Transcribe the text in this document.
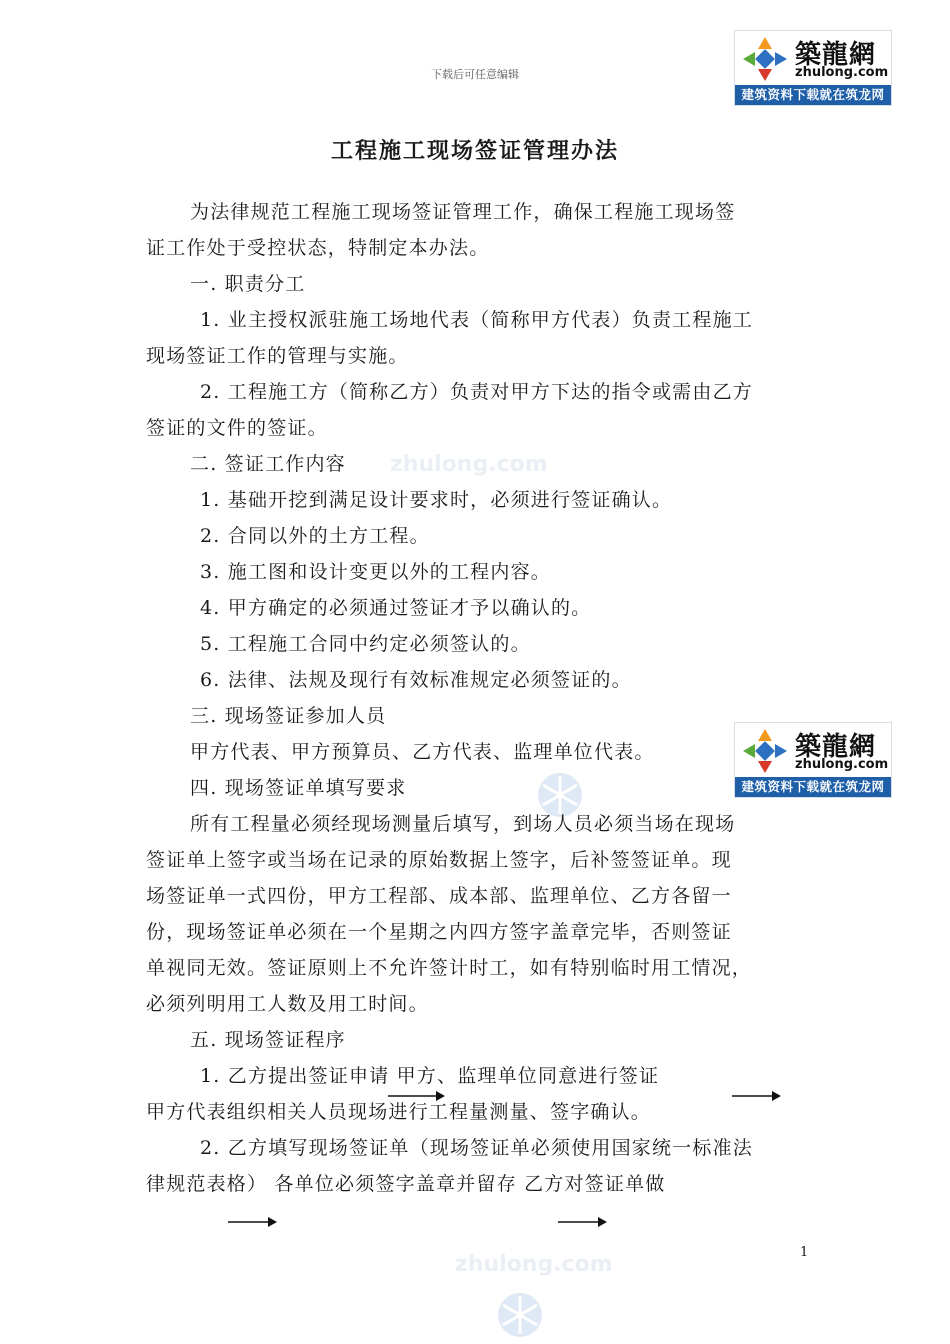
zhulong.com
zhulong.com
下载后可任意编辑
築龍網
zhulong.com
建筑资料下载就在筑龙网
築龍網
zhulong.com
建筑资料下载就在筑龙网
工程施工现场签证管理办法
为法律规范工程施工现场签证管理工作，确保工程施工现场签
证工作处于受控状态，特制定本办法。
一. 职责分工
1. 业主授权派驻施工场地代表（简称甲方代表）负责工程施工
现场签证工作的管理与实施。
2. 工程施工方（简称乙方）负责对甲方下达的指令或需由乙方
签证的文件的签证。
二. 签证工作内容
1. 基础开挖到满足设计要求时，必须进行签证确认。
2. 合同以外的土方工程。
3. 施工图和设计变更以外的工程内容。
4. 甲方确定的必须通过签证才予以确认的。
5. 工程施工合同中约定必须签认的。
6. 法律、法规及现行有效标准规定必须签证的。
三. 现场签证参加人员
甲方代表、甲方预算员、乙方代表、监理单位代表。
四. 现场签证单填写要求
所有工程量必须经现场测量后填写，到场人员必须当场在现场
签证单上签字或当场在记录的原始数据上签字，后补签签证单。现
场签证单一式四份，甲方工程部、成本部、监理单位、乙方各留一
份，现场签证单必须在一个星期之内四方签字盖章完毕，否则签证
单视同无效。签证原则上不允许签计时工，如有特别临时用工情况，
必须列明用工人数及用工时间。
五. 现场签证程序
1. 乙方提出签证申请 甲方、监理单位同意进行签证
甲方代表组织相关人员现场进行工程量测量、签字确认。
2. 乙方填写现场签证单（现场签证单必须使用国家统一标准法
律规范表格） 各单位必须签字盖章并留存 乙方对签证单做
1
